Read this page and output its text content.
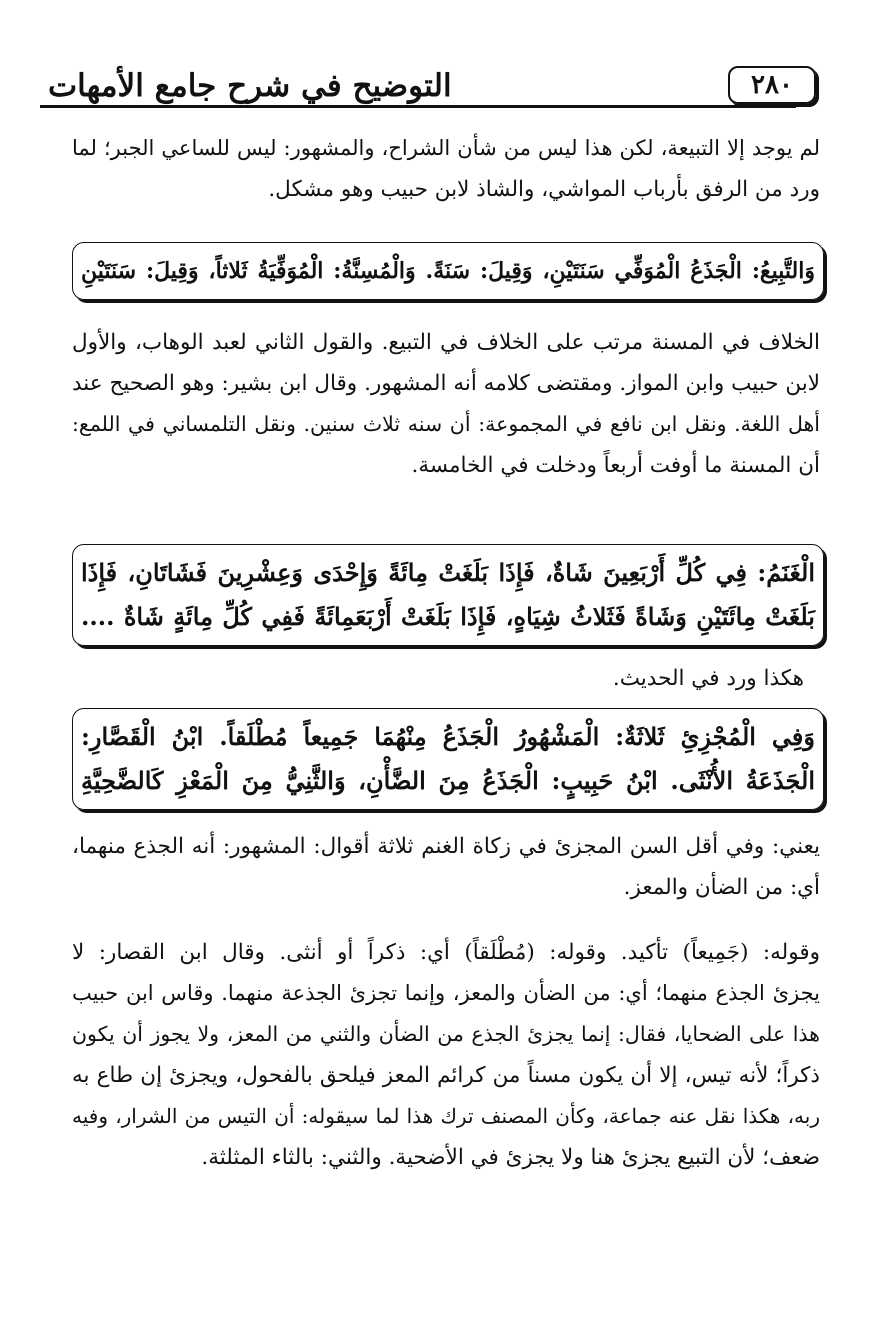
٢٨٠
التوضيح في شرح جامع الأمهات
لم يوجد إلا التبيعة، لكن هذا ليس من شأن الشراح، والمشهور: ليس للساعي الجبر؛ لما
ورد من الرفق بأرباب المواشي، والشاذ لابن حبيب وهو مشكل.
وَالتَّبِيعُ: الْجَذَعُ الْمُوَفِّي سَنَتَيْنِ، وَقِيلَ: سَنَةً. وَالْمُسِنَّةُ: الْمُوَفِّيَةُ ثَلاثاً، وَقِيلَ: سَنَتَيْنِ
الخلاف في المسنة مرتب على الخلاف في التبيع. والقول الثاني لعبد الوهاب، والأول
لابن حبيب وابن المواز. ومقتضى كلامه أنه المشهور. وقال ابن بشير: وهو الصحيح عند
أهل اللغة. ونقل ابن نافع في المجموعة: أن سنه ثلاث سنين. ونقل التلمساني في اللمع:
أن المسنة ما أوفت أربعاً ودخلت في الخامسة.
الْغَنَمُ: فِي كُلِّ أَرْبَعِينَ شَاةٌ، فَإِذَا بَلَغَتْ مِائَةً وَإِحْدَى وَعِشْرِينَ فَشَاتَانِ، فَإِذَا
بَلَغَتْ مِائَتَيْنِ وَشَاةً فَثَلاثُ شِيَاهٍ، فَإِذَا بَلَغَتْ أَرْبَعَمِائَةً فَفِي كُلِّ مِائَةٍ شَاةٌ ....
هكذا ورد في الحديث.
وَفِي الْمُجْزِئِ ثَلاثَةٌ: الْمَشْهُورُ الْجَذَعُ مِنْهُمَا جَمِيعاً مُطْلَقاً. ابْنُ الْقَصَّارِ:
الْجَذَعَةُ الأُنْثَى. ابْنُ حَبِيبٍ: الْجَذَعُ مِنَ الضَّأْنِ، وَالثَّنِيُّ مِنَ الْمَعْزِ كَالضَّحِيَّةِ
يعني: وفي أقل السن المجزئ في زكاة الغنم ثلاثة أقوال: المشهور: أنه الجذع منهما،
أي: من الضأن والمعز.
وقوله: (جَمِيعاً) تأكيد. وقوله: (مُطْلَقاً) أي: ذكراً أو أنثى. وقال ابن القصار: لا
يجزئ الجذع منهما؛ أي: من الضأن والمعز، وإنما تجزئ الجذعة منهما. وقاس ابن حبيب
هذا على الضحايا، فقال: إنما يجزئ الجذع من الضأن والثني من المعز، ولا يجوز أن يكون
ذكراً؛ لأنه تيس، إلا أن يكون مسناً من كرائم المعز فيلحق بالفحول، ويجزئ إن طاع به
ربه، هكذا نقل عنه جماعة، وكأن المصنف ترك هذا لما سيقوله: أن التيس من الشرار، وفيه
ضعف؛ لأن التبيع يجزئ هنا ولا يجزئ في الأضحية. والثني: بالثاء المثلثة.
